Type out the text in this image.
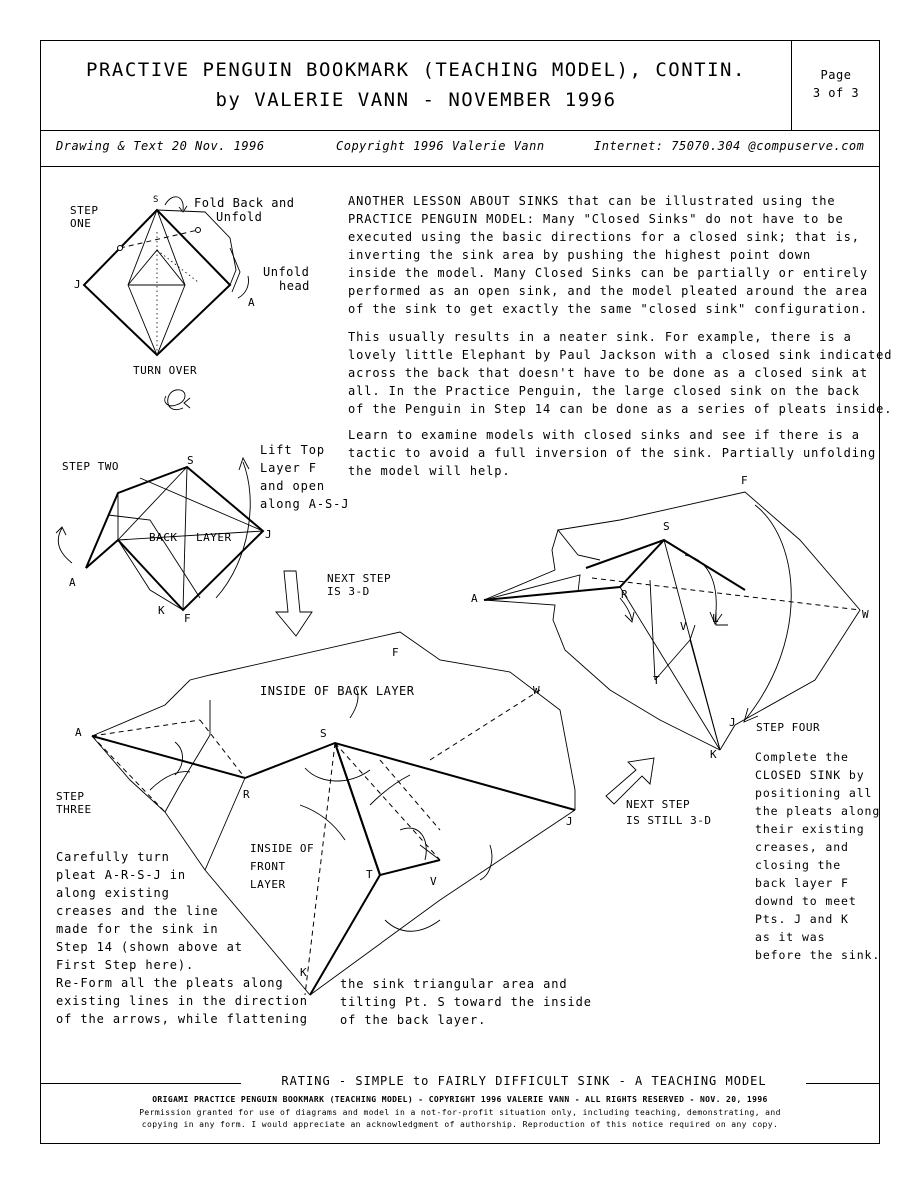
PRACTIVE PENGUIN BOOKMARK (TEACHING MODEL), CONTIN.
by VALERIE VANN - NOVEMBER 1996
Page
3 of 3
Drawing & Text 20 Nov. 1996	Copyright 1996 Valerie Vann	Internet: 75070.304 @compuserve.com
ANOTHER LESSON ABOUT SINKS that can be illustrated using the
PRACTICE PENGUIN MODEL: Many "Closed Sinks" do not have to be
executed using the basic directions for a closed sink; that is,
inverting the sink area by pushing the highest point down
inside the model. Many Closed Sinks can be partially or entirely
performed as an open sink, and the model pleated around the area
of the sink to get exactly the same "closed sink" configuration.
This usually results in a neater sink. For example, there is a
lovely little Elephant by Paul Jackson with a closed sink indicated
across the back that doesn't have to be done as a closed sink at
all. In the Practice Penguin, the large closed sink on the back
of the Penguin in Step 14 can be done as a series of pleats inside.
Learn to examine models with closed sinks and see if there is a
tactic to avoid a full inversion of the sink. Partially unfolding
the model will help.
STEP
ONE
S	Fold Back and
Unfold
Unfold
head
J
A
TURN OVER
STEP TWO	S
J
A
K
F
BACK LAYER
Lift Top
Layer F
and open
along A-S-J
NEXT STEP
IS 3-D
F
INSIDE OF BACK LAYER	W
A	S
R
J
T
V
K
STEP
THREE
INSIDE OF
FRONT
LAYER
Carefully turn
pleat A-R-S-J in
along existing
creases and the line
made for the sink in
Step 14 (shown above at
First Step here).
Re-Form all the pleats along
existing lines in the direction
of the arrows, while flattening
the sink triangular area and
tilting Pt. S toward the inside
of the back layer.
NEXT STEP
IS STILL 3-D
F
S
A	R
L	W
V
T
J
K
STEP FOUR
Complete the
CLOSED SINK by
positioning all
the pleats along
their existing
creases, and
closing the
back layer F
downd to meet
Pts. J and K
as it was
before the sink.
RATING - SIMPLE to FAIRLY DIFFICULT SINK - A TEACHING MODEL
ORIGAMI PRACTICE PENGUIN BOOKMARK (TEACHING MODEL) - COPYRIGHT 1996 VALERIE VANN - ALL RIGHTS RESERVED - NOV. 20, 1996
Permission granted for use of diagrams and model in a not-for-profit situation only, including teaching, demonstrating, and
copying in any form. I would appreciate an acknowledgment of authorship. Reproduction of this notice required on any copy.
